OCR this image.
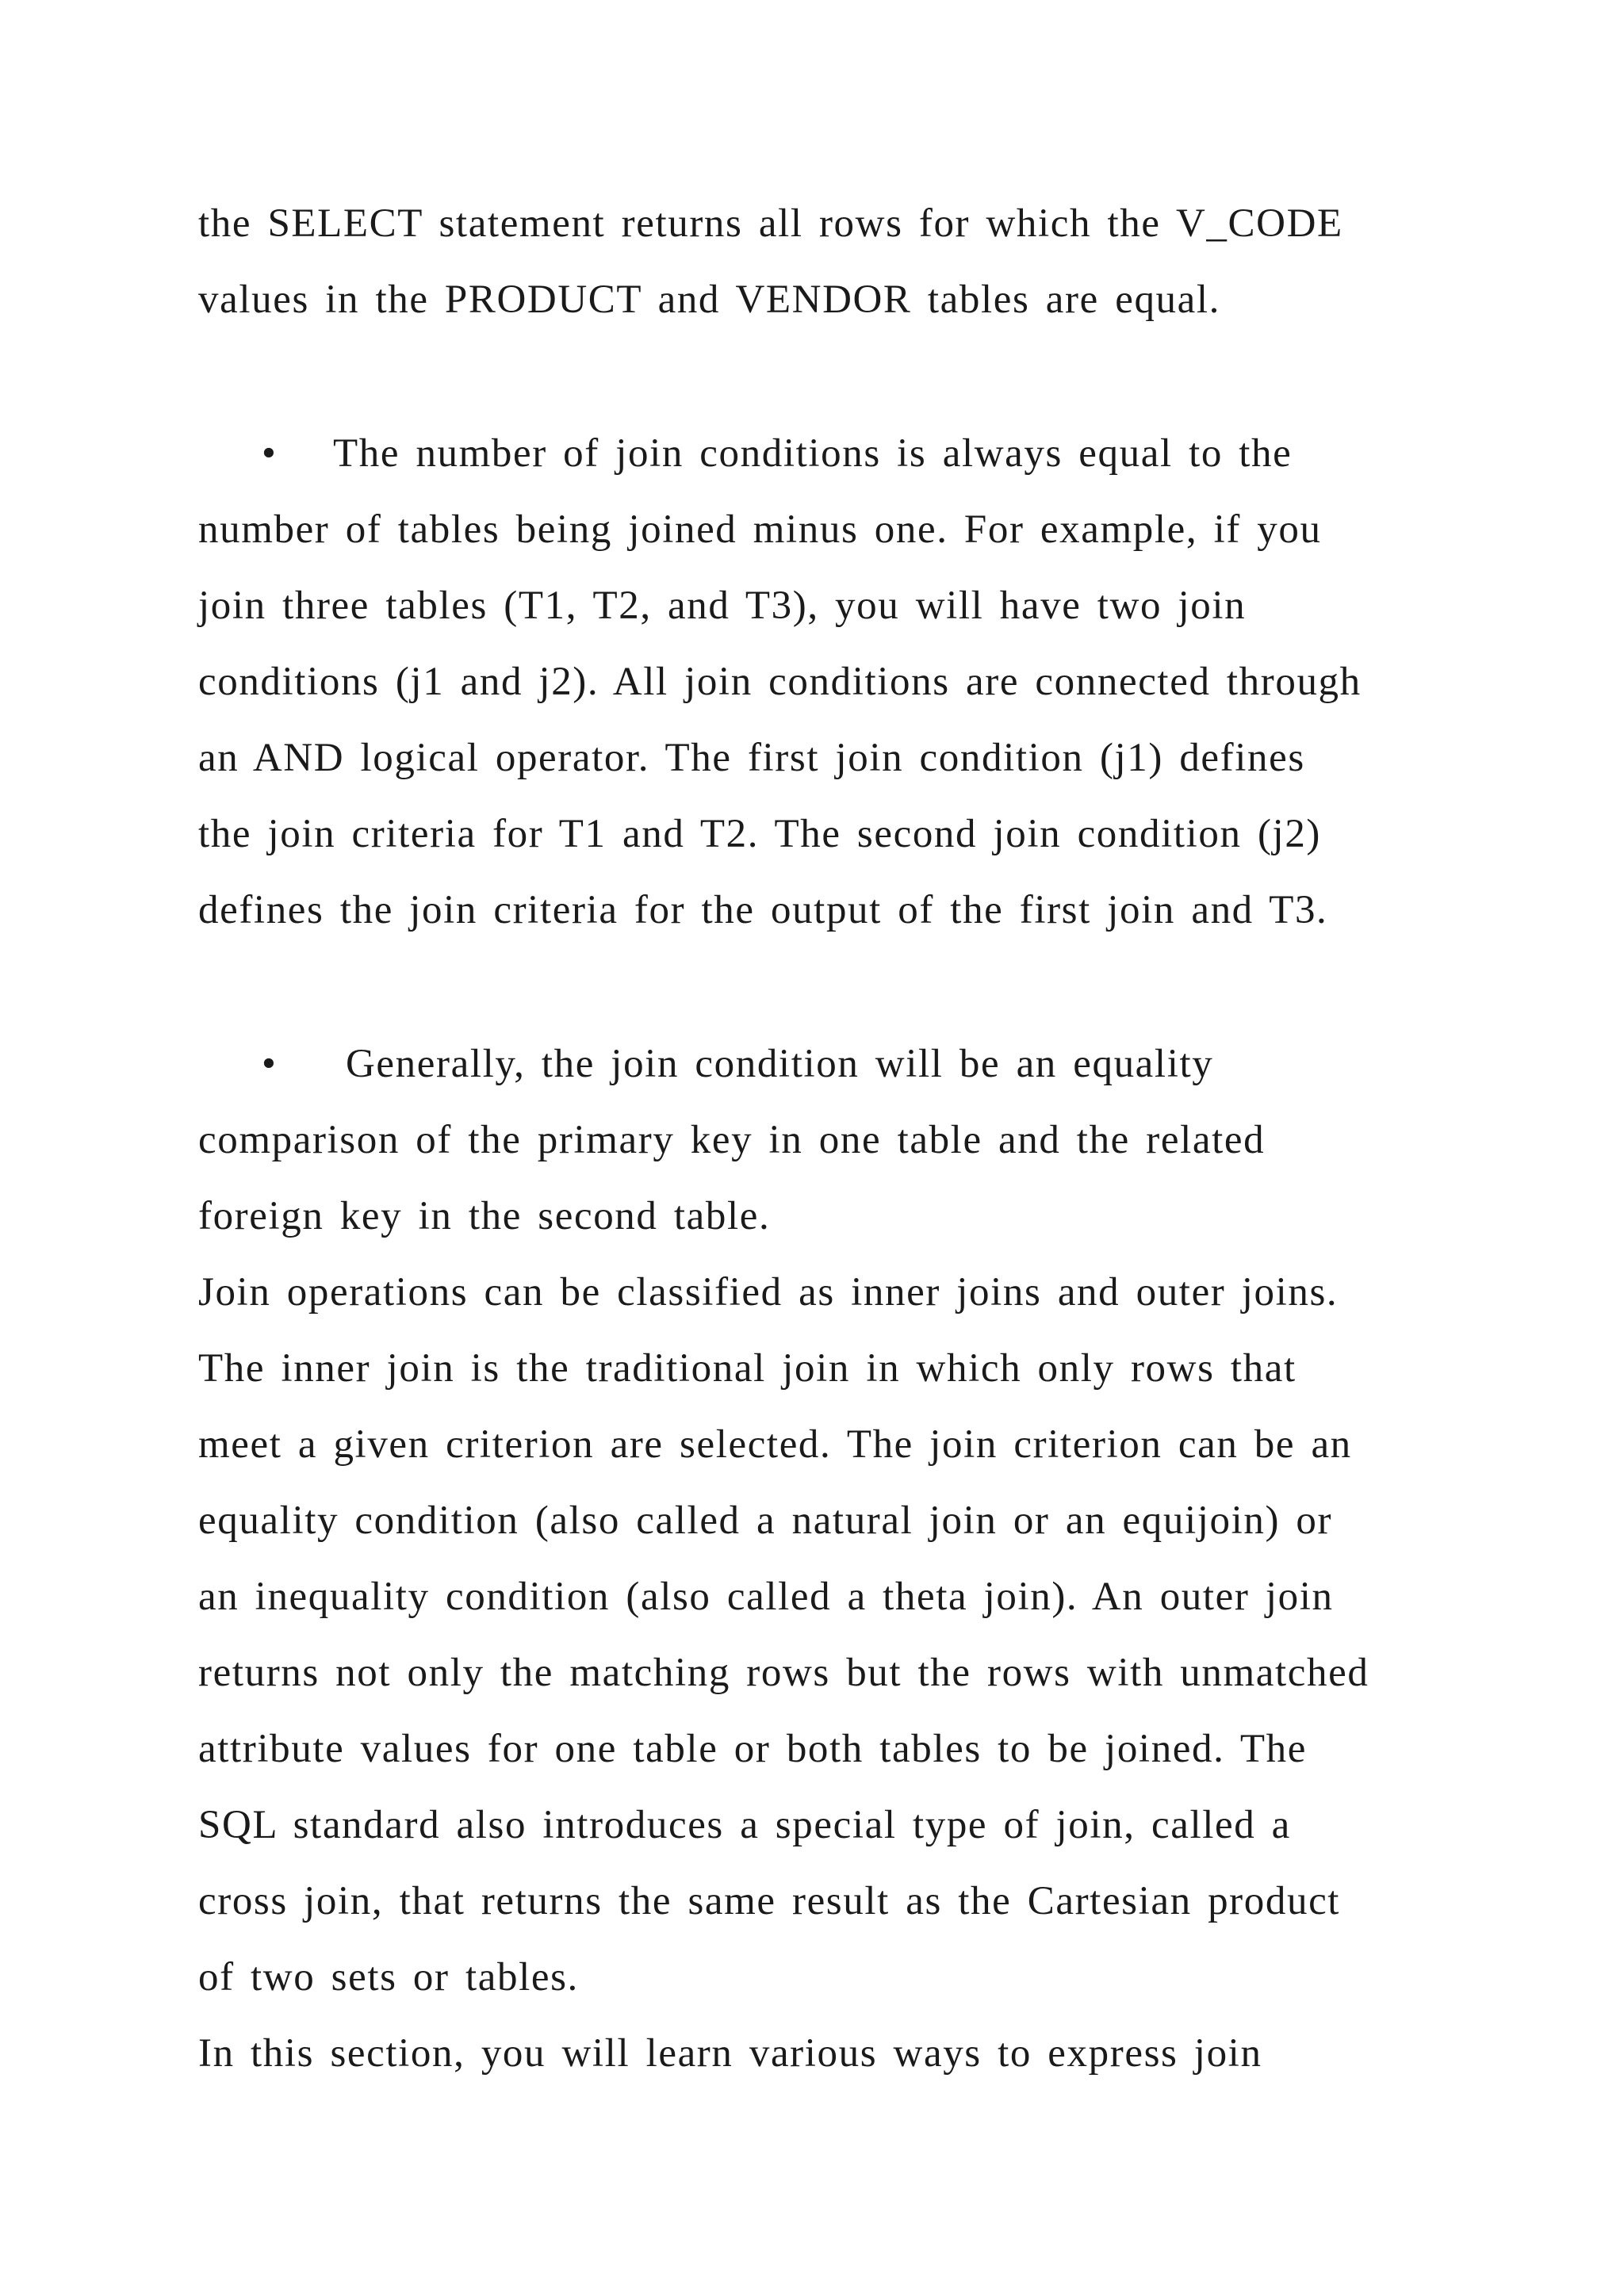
the SELECT statement returns all rows for which the V_CODE
values in the PRODUCT and VENDOR tables are equal.
• The number of join conditions is always equal to the
number of tables being joined minus one. For example, if you
join three tables (T1, T2, and T3), you will have two join
conditions (j1 and j2). All join conditions are connected through
an AND logical operator. The first join condition (j1) defines
the join criteria for T1 and T2. The second join condition (j2)
defines the join criteria for the output of the first join and T3.
• Generally, the join condition will be an equality
comparison of the primary key in one table and the related
foreign key in the second table.
Join operations can be classified as inner joins and outer joins.
The inner join is the traditional join in which only rows that
meet a given criterion are selected. The join criterion can be an
equality condition (also called a natural join or an equijoin) or
an inequality condition (also called a theta join). An outer join
returns not only the matching rows but the rows with unmatched
attribute values for one table or both tables to be joined. The
SQL standard also introduces a special type of join, called a
cross join, that returns the same result as the Cartesian product
of two sets or tables.
In this section, you will learn various ways to express join
